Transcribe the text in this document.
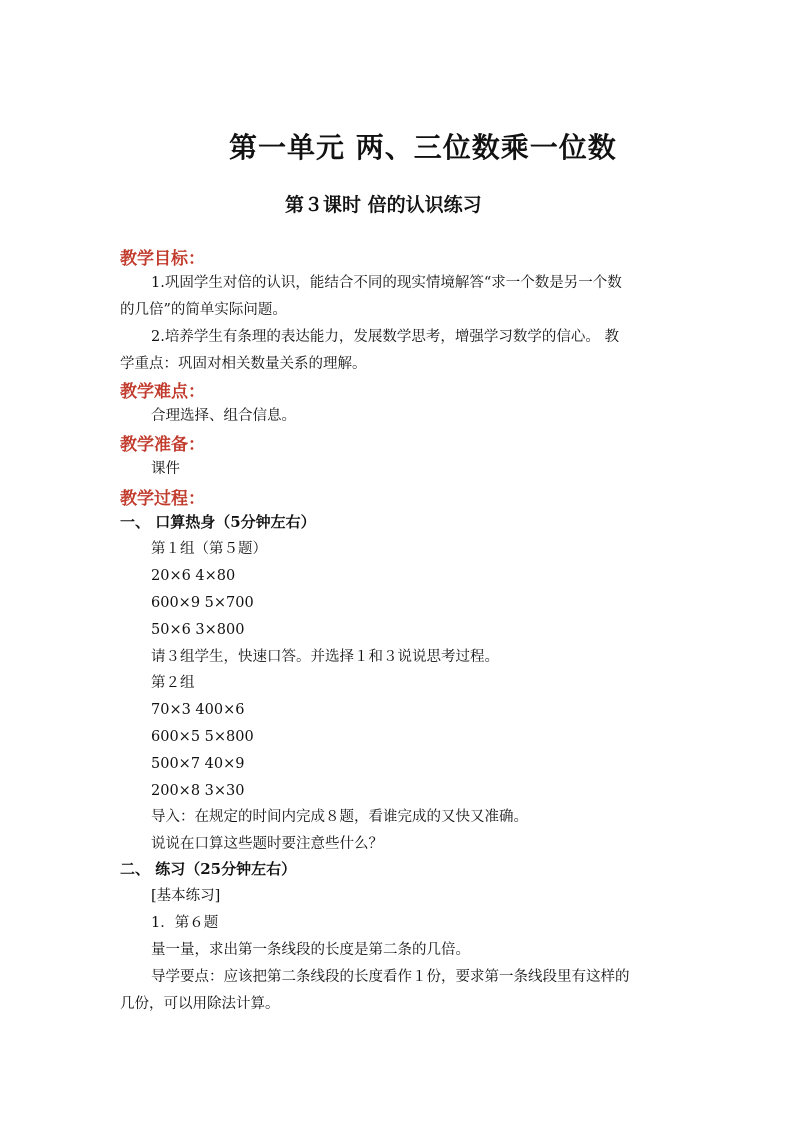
第一单元 两、三位数乘一位数
第３课时 倍的认识练习
教学目标：
1.巩固学生对倍的认识，能结合不同的现实情境解答“求一个数是另一个数
的几倍”的简单实际问题。
2.培养学生有条理的表达能力，发展数学思考，增强学习数学的信心。 教
学重点：巩固对相关数量关系的理解。
教学难点：
合理选择、组合信息。
教学准备：
课件
教学过程：
一、 口算热身（5分钟左右）
第１组（第５题）
20×6 4×80
600×9 5×700
50×6 3×800
请３组学生，快速口答。并选择１和３说说思考过程。
第２组
70×3 400×6
600×5 5×800
500×7 40×9
200×8 3×30
导入：在规定的时间内完成８题，看谁完成的又快又准确。
说说在口算这些题时要注意些什么？
二、 练习（25分钟左右）
[基本练习]
1．第６题
量一量，求出第一条线段的长度是第二条的几倍。
导学要点：应该把第二条线段的长度看作１份，要求第一条线段里有这样的
几份，可以用除法计算。
